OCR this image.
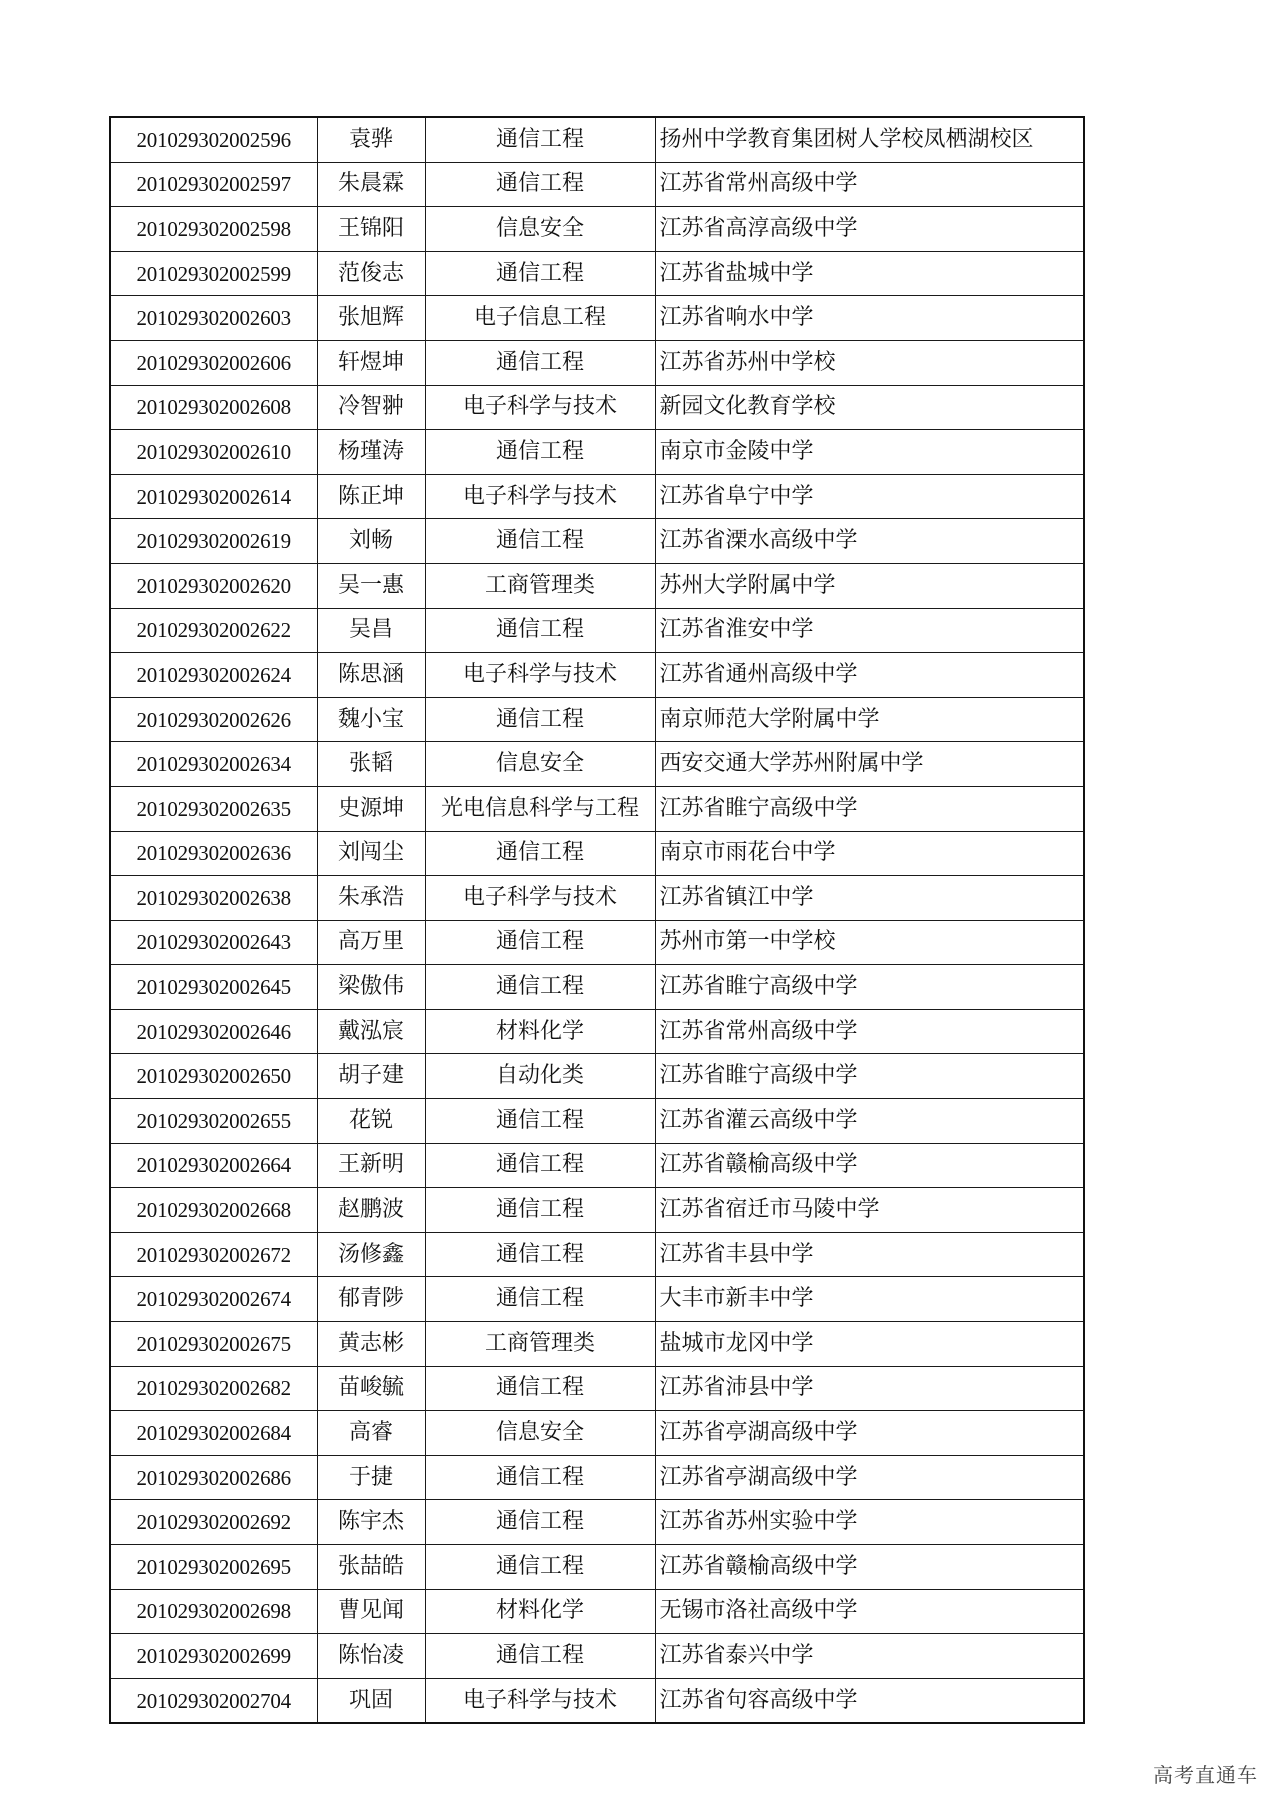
201029302002596	袁骅	通信工程	扬州中学教育集团树人学校凤栖湖校区
201029302002597	朱晨霖	通信工程	江苏省常州高级中学
201029302002598	王锦阳	信息安全	江苏省高淳高级中学
201029302002599	范俊志	通信工程	江苏省盐城中学
201029302002603	张旭辉	电子信息工程	江苏省响水中学
201029302002606	轩煜坤	通信工程	江苏省苏州中学校
201029302002608	冷智翀	电子科学与技术	新园文化教育学校
201029302002610	杨瑾涛	通信工程	南京市金陵中学
201029302002614	陈正坤	电子科学与技术	江苏省阜宁中学
201029302002619	刘畅	通信工程	江苏省溧水高级中学
201029302002620	吴一惠	工商管理类	苏州大学附属中学
201029302002622	吴昌	通信工程	江苏省淮安中学
201029302002624	陈思涵	电子科学与技术	江苏省通州高级中学
201029302002626	魏小宝	通信工程	南京师范大学附属中学
201029302002634	张韬	信息安全	西安交通大学苏州附属中学
201029302002635	史源坤	光电信息科学与工程	江苏省睢宁高级中学
201029302002636	刘闯尘	通信工程	南京市雨花台中学
201029302002638	朱承浩	电子科学与技术	江苏省镇江中学
201029302002643	高万里	通信工程	苏州市第一中学校
201029302002645	梁傲伟	通信工程	江苏省睢宁高级中学
201029302002646	戴泓宸	材料化学	江苏省常州高级中学
201029302002650	胡子建	自动化类	江苏省睢宁高级中学
201029302002655	花锐	通信工程	江苏省灌云高级中学
201029302002664	王新明	通信工程	江苏省赣榆高级中学
201029302002668	赵鹏波	通信工程	江苏省宿迁市马陵中学
201029302002672	汤修鑫	通信工程	江苏省丰县中学
201029302002674	郁青陟	通信工程	大丰市新丰中学
201029302002675	黄志彬	工商管理类	盐城市龙冈中学
201029302002682	苗峻毓	通信工程	江苏省沛县中学
201029302002684	高睿	信息安全	江苏省亭湖高级中学
201029302002686	于捷	通信工程	江苏省亭湖高级中学
201029302002692	陈宇杰	通信工程	江苏省苏州实验中学
201029302002695	张喆皓	通信工程	江苏省赣榆高级中学
201029302002698	曹见闻	材料化学	无锡市洛社高级中学
201029302002699	陈怡凌	通信工程	江苏省泰兴中学
201029302002704	巩固	电子科学与技术	江苏省句容高级中学
高考直通车
